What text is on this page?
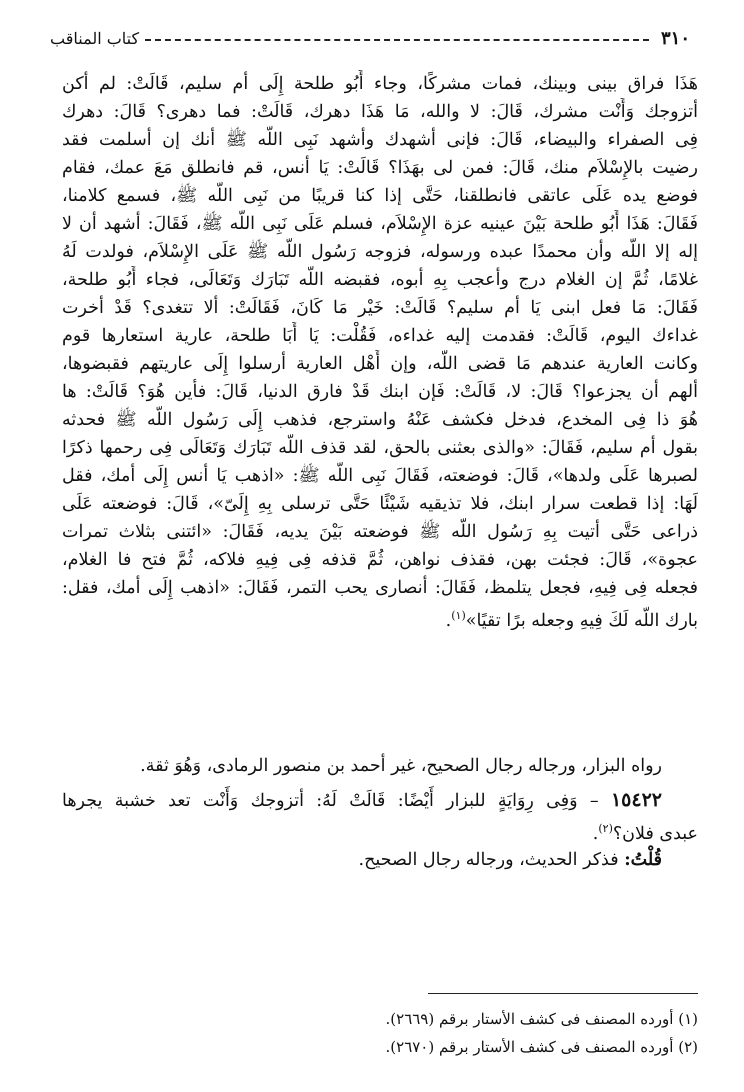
٣١٠
كتاب المناقب
هَذَا فراق بينى وبينك، فمات مشركًا، وجاء أَبُو طلحة إِلَى أم سليم، قَالَتْ: لم أكن
أتزوجك وَأَنْت مشرك، قَالَ: لا والله، مَا هَذَا دهرك، قَالَتْ: فما دهرى؟ قَالَ: دهرك
فِى الصفراء والبيضاء، قَالَ: فإنى أشهدك وأشهد نَبِى اللّه ﷺ أنك إن أسلمت فقد
رضيت بالإِسْلاَم منك، قَالَ: فمن لى بهَذَا؟ قَالَتْ: يَا أنس، قم فانطلق مَعَ عمك، فقام
فوضع يده عَلَى عاتقى فانطلقنا، حَتَّى إذا كنا قريبًا من نَبِى اللّه ﷺ، فسمع كلامنا،
فَقَالَ: هَذَا أَبُو طلحة بَيْنَ عينيه عزة الإِسْلاَم، فسلم عَلَى نَبِى اللّه ﷺ، فَقَالَ: أشهد أن لا
إله إلا اللّه وأن محمدًا عبده ورسوله، فزوجه رَسُول اللّه ﷺ عَلَى الإِسْلاَم، فولدت لَهُ
غلامًا، ثُمَّ إن الغلام درج وأعجب بِهِ أبوه، فقبضه اللّه تَبَارَك وَتَعَالَى، فجاء أَبُو طلحة،
فَقَالَ: مَا فعل ابنى يَا أم سليم؟ قَالَتْ: خَيْر مَا كَانَ، فَقَالَتْ: ألا تتغدى؟ قَدْ أخرت
غداءك اليوم، قَالَتْ: فقدمت إليه غداءه، فَقُلْت: يَا أَبَا طلحة، عارية استعارها قوم
وكانت العارية عندهم مَا قضى اللّه، وإن أَهْل العارية أرسلوا إِلَى عاريتهم فقبضوها،
ألهم أن يجزعوا؟ قَالَ: لا، قَالَتْ: فَإن ابنك قَدْ فارق الدنيا، قَالَ: فأين هُوَ؟ قَالَتْ: ها
هُوَ ذا فِى المخدع، فدخل فكشف عَنْهُ واسترجع، فذهب إِلَى رَسُول اللّه ﷺ فحدثه
بقول أم سليم، فَقَالَ: «والذى بعثنى بالحق، لقد قذف اللّه تَبَارَك وَتَعَالَى فِى رحمها ذكرًا
لصبرها عَلَى ولدها»، قَالَ: فوضعته، فَقَالَ نَبِى اللّه ﷺ: «اذهب يَا أنس إِلَى أمك، فقل
لَهَا: إذا قطعت سرار ابنك، فلا تذيقيه شَيْئًا حَتَّى ترسلى بِهِ إِلَىّ»، قَالَ: فوضعته عَلَى
ذراعى حَتَّى أتيت بِهِ رَسُول اللّه ﷺ فوضعته بَيْنَ يديه، فَقَالَ: «ائتنى بثلاث تمرات
عجوة»، قَالَ: فجئت بهن، فقذف نواهن، ثُمَّ قذفه فِى فِيهِ فلاكه، ثُمَّ فتح فا الغلام،
فجعله فِى فِيهِ، فجعل يتلمظ، فَقَالَ: أنصارى يحب التمر، فَقَالَ: «اذهب إِلَى أمك، فقل:
بارك اللّه لَكَ فِيهِ وجعله برًا تقيًا»$^{(١)}$.
رواه البزار، ورجاله رجال الصحيح، غير أحمد بن منصور الرمادى، وَهُوَ ثقة.
١٥٤٢٢ – وَفِى رِوَايَةٍ للبزار أَيْضًا: قَالَتْ لَهُ: أتزوجك وَأَنْت تعد خشبة يجرها
عبدى فلان؟$^{(٢)}$.
قُلْتُ: فذكر الحديث، ورجاله رجال الصحيح.
(١) أورده المصنف فى كشف الأستار برقم (٢٦٦٩).
(٢) أورده المصنف فى كشف الأستار برقم (٢٦٧٠).
